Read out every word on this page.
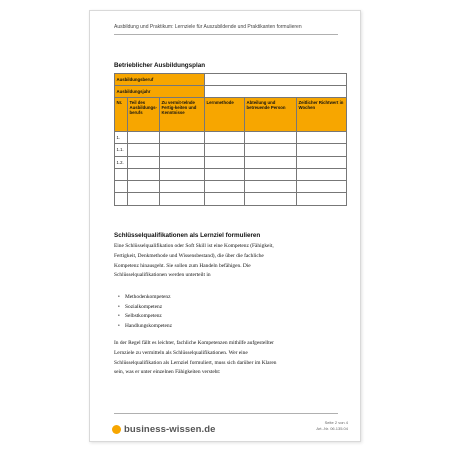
Ausbildung und Praktikum: Lernziele für Auszubildende und Praktikanten formulieren
Betrieblicher Ausbildungsplan
Ausbildungsberuf					
Ausbildungsjahr					
Nr.	Teil des Ausbildungs-berufs	Zu vermit-telnde Fertig-keiten und Kenntnisse	Lernmethode	Abteilung und betreuende Person	Zeitlicher Richtwert in Wochen
1.					
1.1.					
1.2.					

Schlüsselqualifikationen als Lernziel formulieren
Eine Schlüsselqualifikation oder Soft Skill ist eine Kompetenz (Fähigkeit,
Fertigkeit, Denkmethode und Wissensbestand), die über die fachliche
Kompetenz hinausgeht. Sie sollen zum Handeln befähigen. Die
Schlüsselqualifikationen werden unterteilt in
• Methodenkompetenz
• Sozialkompetenz
• Selbstkompetenz
• Handlungskompetenz
In der Regel fällt es leichter, fachliche Kompetenzen mithilfe aufgestellter
Lernziele zu vermitteln als Schlüsselqualifikationen. Wer eine
Schlüsselqualifikation als Lernziel formuliert, muss sich darüber im Klaren
sein, was er unter einzelnen Fähigkeiten versteht:
business-wissen.de
Seite 2 von 4
Art.-Nr. 06.135.04
